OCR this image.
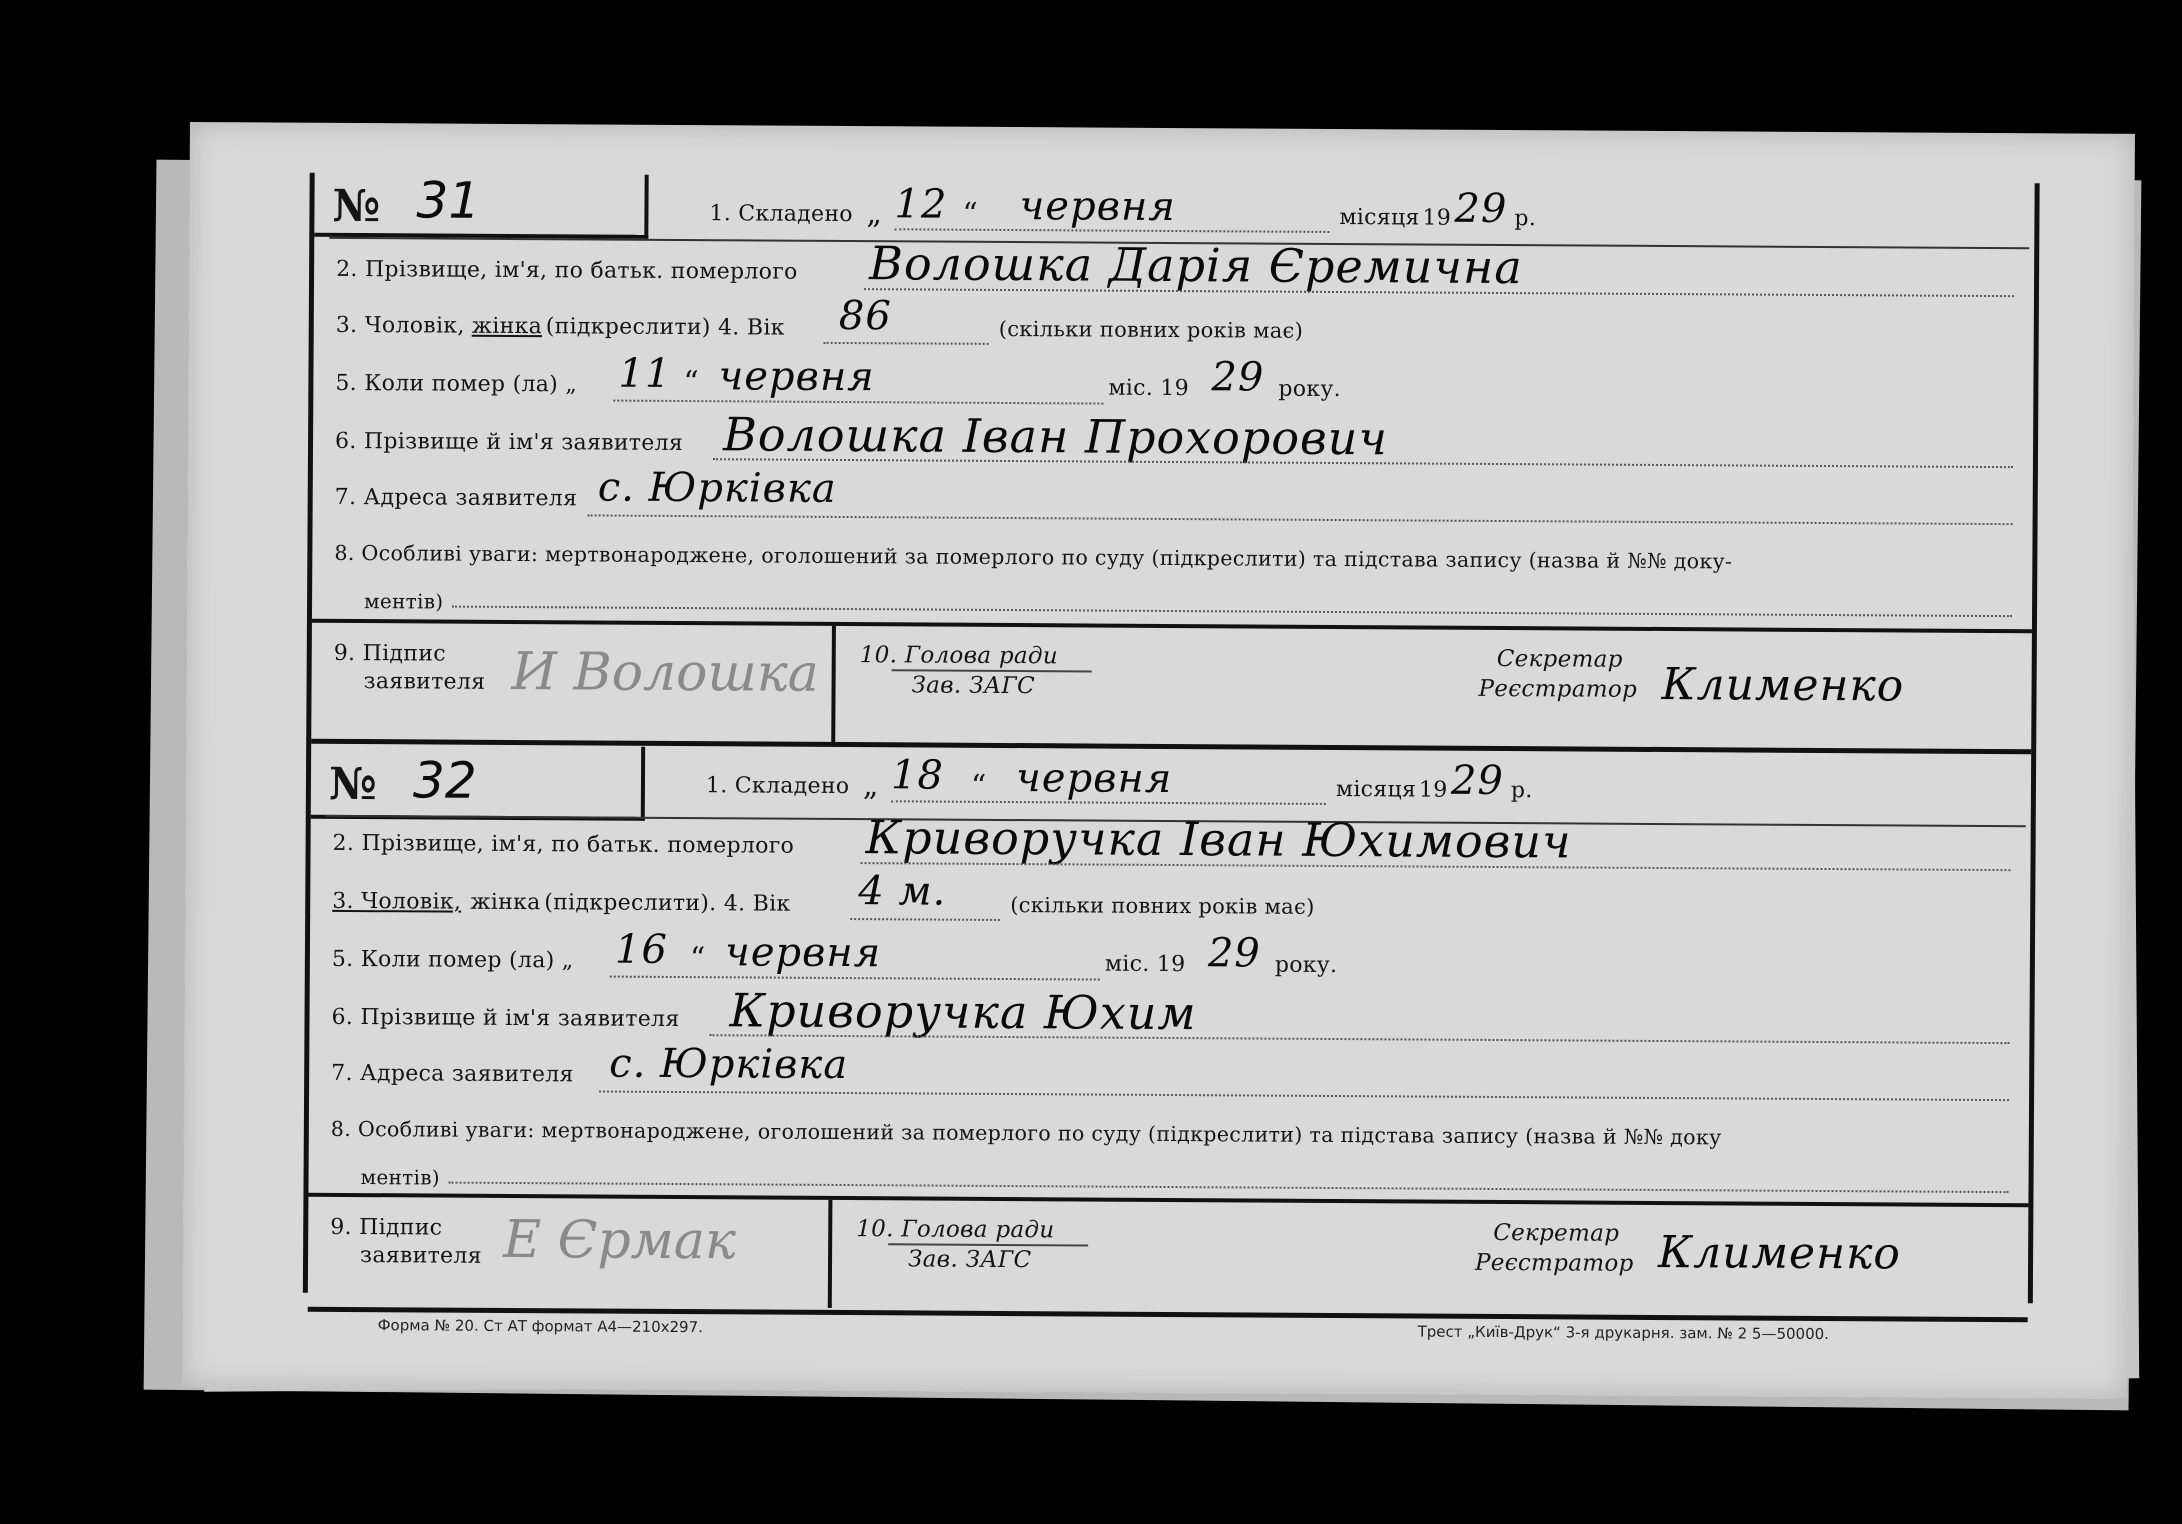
№ 31	1. Складено „ 12 “ червня	місяця 19 29 р.
2. Прізвище, ім'я, по батьк. померлого Волошка Дарія Єремична
3. Чоловік, жінка (підкреслити) 4. Вік 86	(скільки повних років має)
5. Коли помер (ла) „ 11 “ червня	міс. 19 29 року.
6. Прізвище й ім'я заявителя Волошка Іван Прохорович
7. Адреса заявителя с. Юрківка
8. Особливі уваги: мертвонароджене, оголошений за померлого по суду (підкреслити) та підстава запису (назва й №№ доку-
ментів)
9. Підпис
заявителя И Волошка 10. Голова ради
Зав. ЗАГС
Секретар
Реєстратор Клименко
№ 32	1. Складено „ 18 “ червня	місяця 19 29 р.
2. Прізвище, ім'я, по батьк. померлого Криворучка Іван Юхимович
3. Чоловік, жінка (підкреслити). 4. Вік 4 м.	(скільки повних років має)
5. Коли помер (ла) „ 16 “ червня	міс. 19 29 року.
6. Прізвище й ім'я заявителя Криворучка Юхим
7. Адреса заявителя с. Юрківка
8. Особливі уваги: мертвонароджене, оголошений за померлого по суду (підкреслити) та підстава запису (назва й №№ доку
ментів)
9. Підпис
заявителя Е Єрмак	10. Голова ради
Зав. ЗАГС
Секретар
Реєстратор Клименко
Форма № 20. Ст АТ формат А4—210х297.	Трест „Київ-Друк“ 3-я друкарня. зам. № 2 5—50000.
